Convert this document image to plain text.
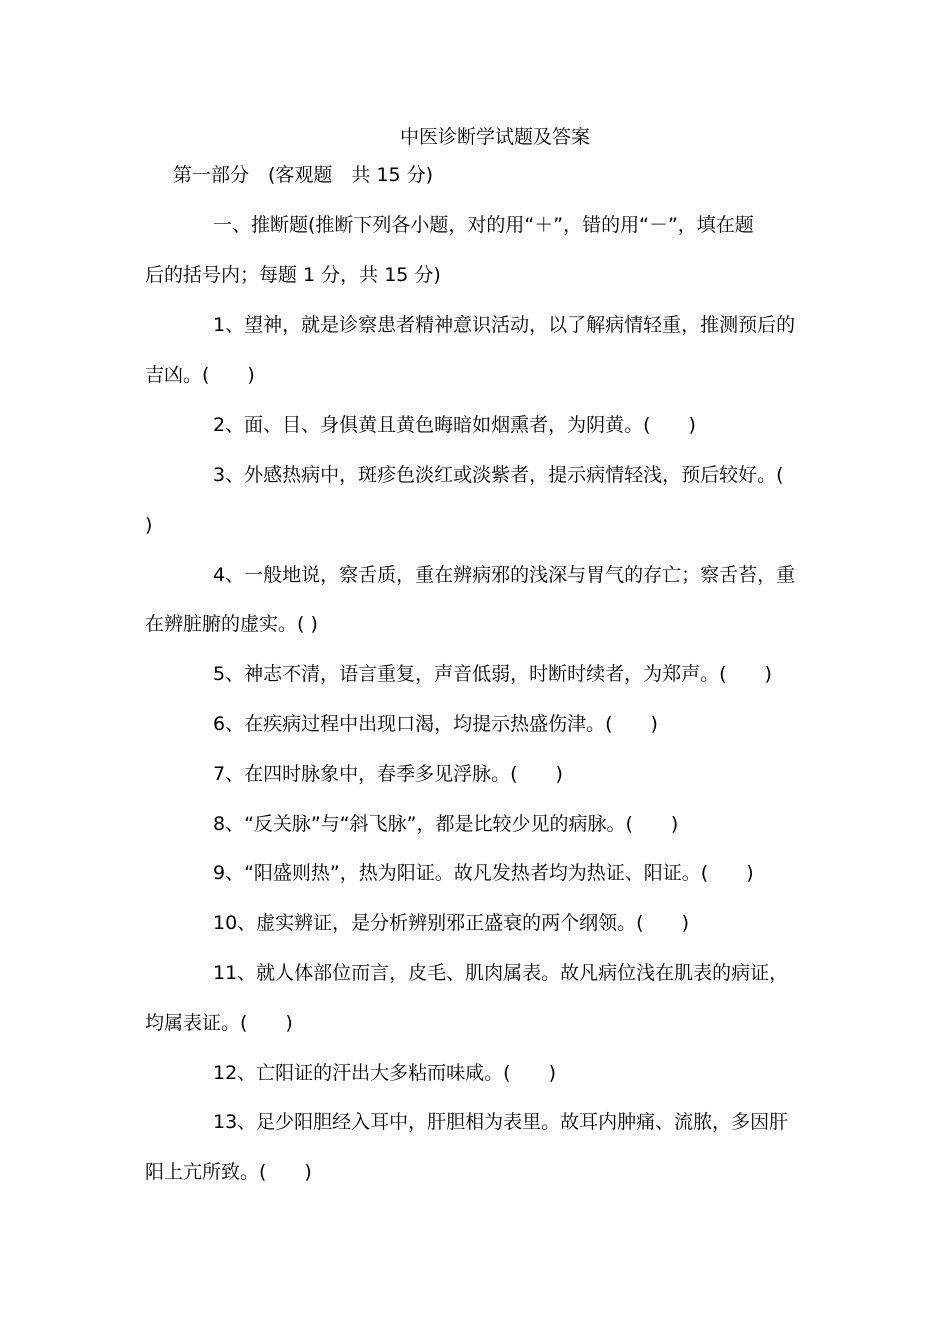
中医诊断学试题及答案
第一部分　(客观题　共 15 分)
一、推断题(推断下列各小题，对的用“＋”，错的用“－”，填在题
后的括号内；每题 1 分，共 15 分)
1、望神，就是诊察患者精神意识活动，以了解病情轻重，推测预后的
吉凶。(　　)
2、面、目、身俱黄且黄色晦暗如烟熏者，为阴黄。(　　)
3、外感热病中，斑疹色淡红或淡紫者，提示病情轻浅，预后较好。(
)
4、一般地说，察舌质，重在辨病邪的浅深与胃气的存亡；察舌苔，重
在辨脏腑的虚实。( )
5、神志不清，语言重复，声音低弱，时断时续者，为郑声。(　　)
6、在疾病过程中出现口渴，均提示热盛伤津。(　　)
7、在四时脉象中，春季多见浮脉。(　　)
8、“反关脉”与“斜飞脉”，都是比较少见的病脉。(　　)
9、“阳盛则热”，热为阳证。故凡发热者均为热证、阳证。(　　)
10、虚实辨证，是分析辨别邪正盛衰的两个纲领。(　　)
11、就人体部位而言，皮毛、肌肉属表。故凡病位浅在肌表的病证，
均属表证。(　　)
12、亡阳证的汗出大多粘而味咸。(　　)
13、足少阳胆经入耳中，肝胆相为表里。故耳内肿痛、流脓，多因肝
阳上亢所致。(　　)
